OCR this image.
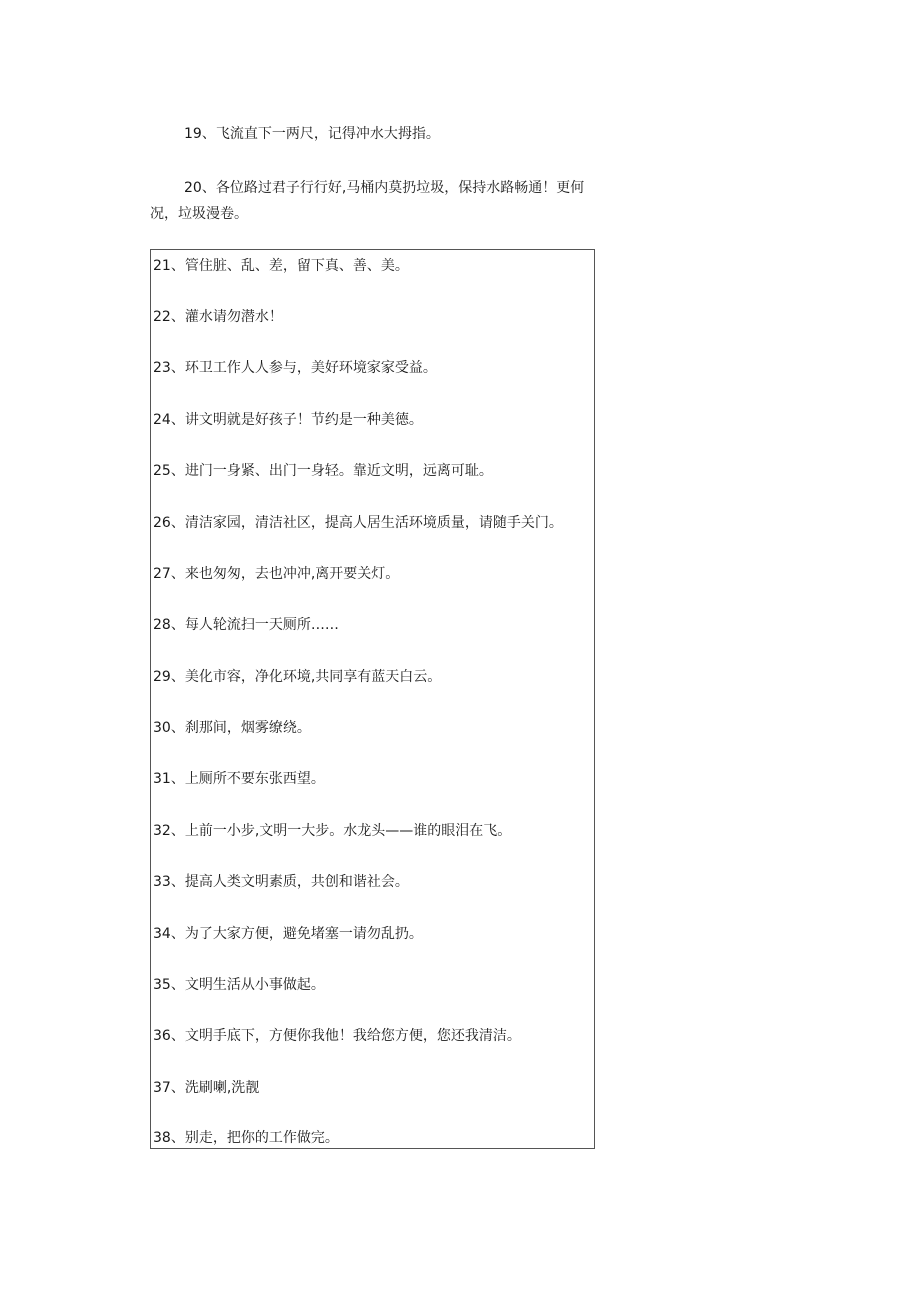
19、飞流直下一两尺，记得冲水大拇指。

20、各位路过君子行行好,马桶内莫扔垃圾，保持水路畅通！更何况，垃圾漫卷。

21、管住脏、乱、差，留下真、善、美。

22、灌水请勿潜水！

23、环卫工作人人参与，美好环境家家受益。

24、讲文明就是好孩子！节约是一种美德。

25、进门一身紧、出门一身轻。靠近文明，远离可耻。

26、清洁家园，清洁社区，提高人居生活环境质量，请随手关门。

27、来也匆匆，去也冲冲,离开要关灯。

28、每人轮流扫一天厕所……

29、美化市容，净化环境,共同享有蓝天白云。

30、刹那间，烟雾缭绕。

31、上厕所不要东张西望。

32、上前一小步,文明一大步。水龙头——谁的眼泪在飞。

33、提高人类文明素质，共创和谐社会。

34、为了大家方便，避免堵塞一请勿乱扔。

35、文明生活从小事做起。

36、文明手底下，方便你我他！我给您方便，您还我清洁。

37、洗刷喇,洗靓

38、别走，把你的工作做完。
